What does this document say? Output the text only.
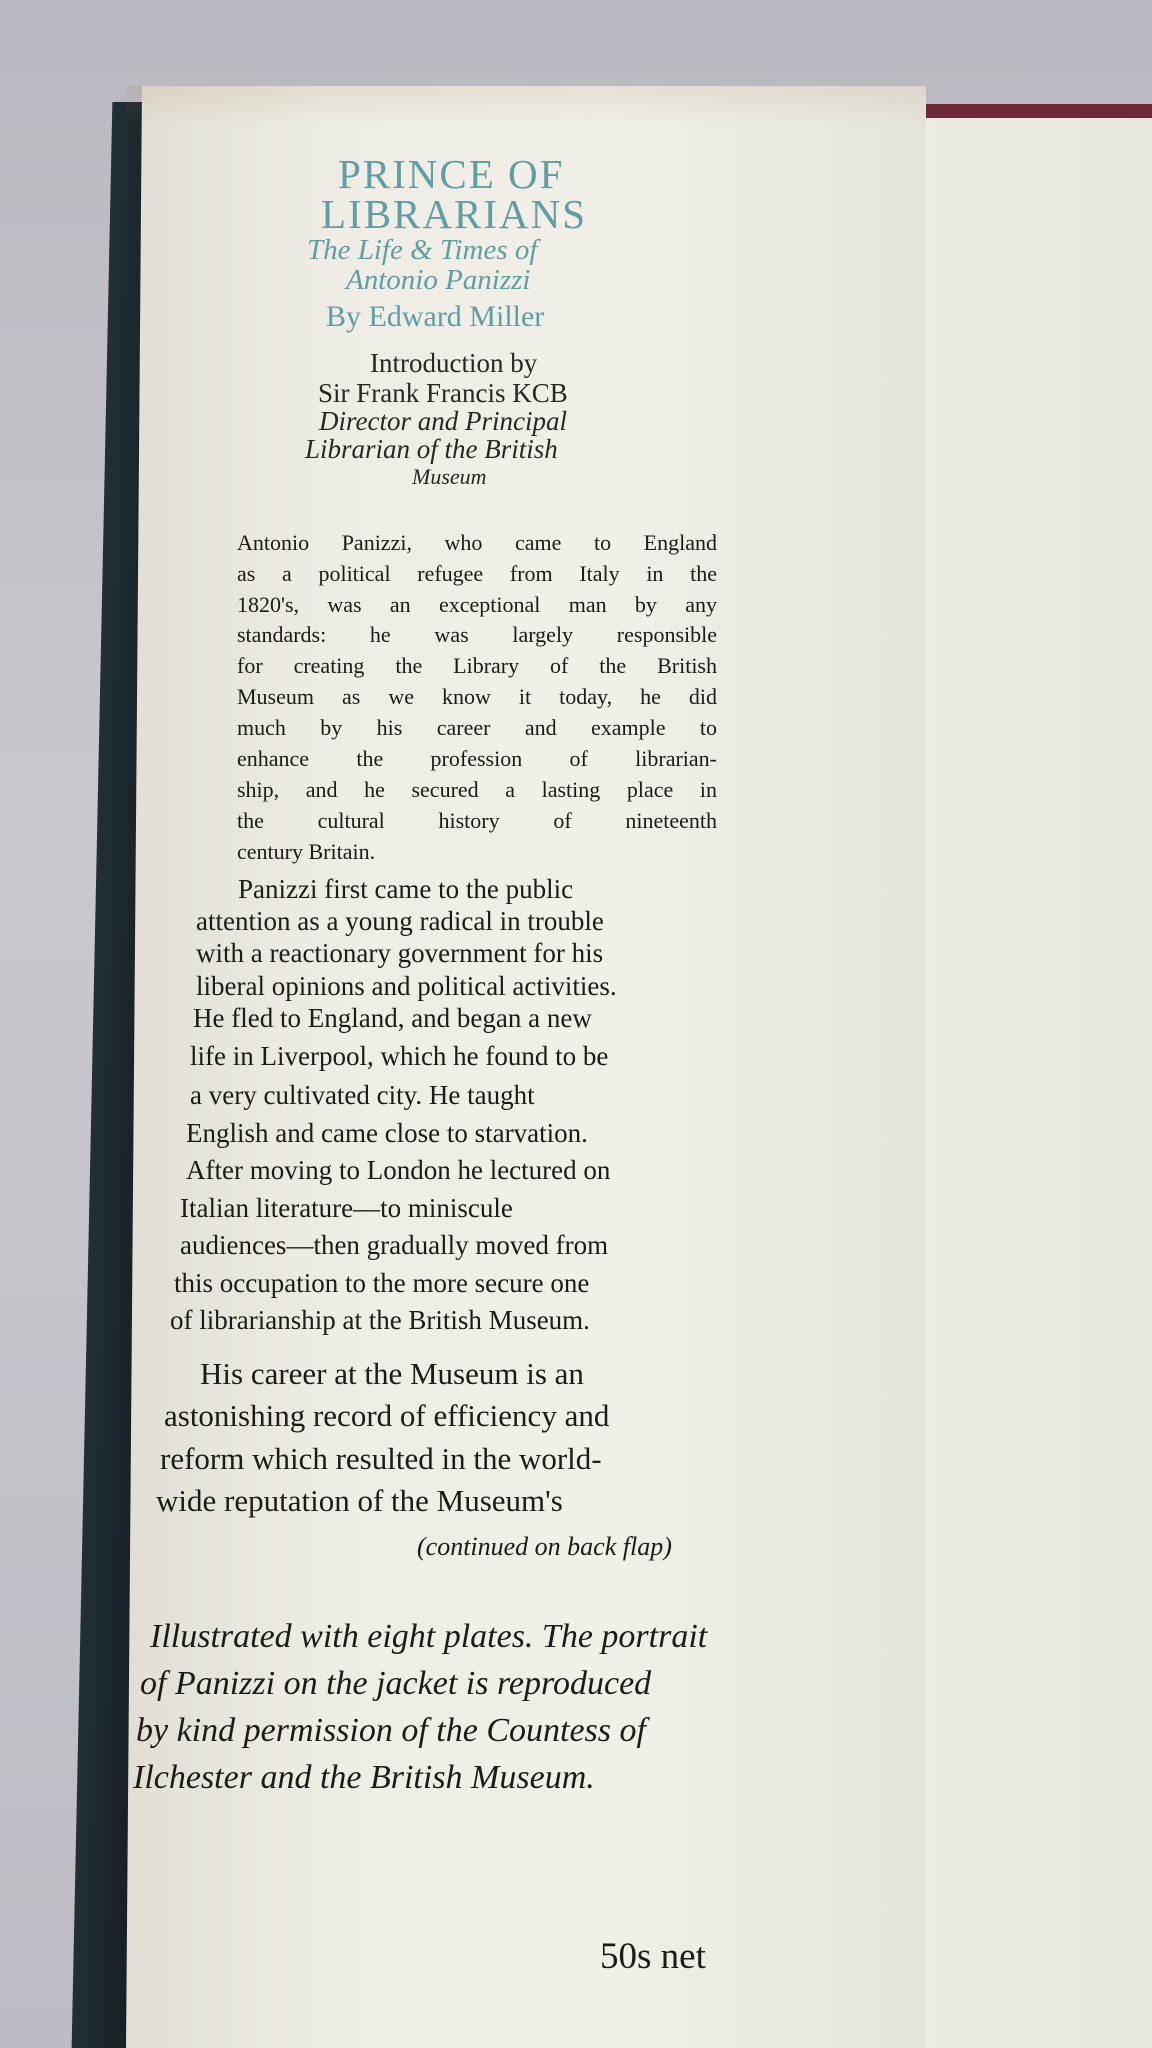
PRINCE OF
LIBRARIANS
The Life & Times of
Antonio Panizzi
By Edward Miller
Introduction by
Sir Frank Francis KCB
Director and Principal
Librarian of the British
Museum
Antonio Panizzi, who came to England
as a political refugee from Italy in the
1820's, was an exceptional man by any
standards: he was largely responsible
for creating the Library of the British
Museum as we know it today, he did
much by his career and example to
enhance the profession of librarian-
ship, and he secured a lasting place in
the cultural history of nineteenth
century Britain.
Panizzi first came to the public
attention as a young radical in trouble
with a reactionary government for his
liberal opinions and political activities.
He fled to England, and began a new
life in Liverpool, which he found to be
a very cultivated city. He taught
English and came close to starvation.
After moving to London he lectured on
Italian literature—to miniscule
audiences—then gradually moved from
this occupation to the more secure one
of librarianship at the British Museum.
His career at the Museum is an
astonishing record of efficiency and
reform which resulted in the world-
wide reputation of the Museum's
(continued on back flap)
Illustrated with eight plates. The portrait
of Panizzi on the jacket is reproduced
by kind permission of the Countess of
Ilchester and the British Museum.
50s net
